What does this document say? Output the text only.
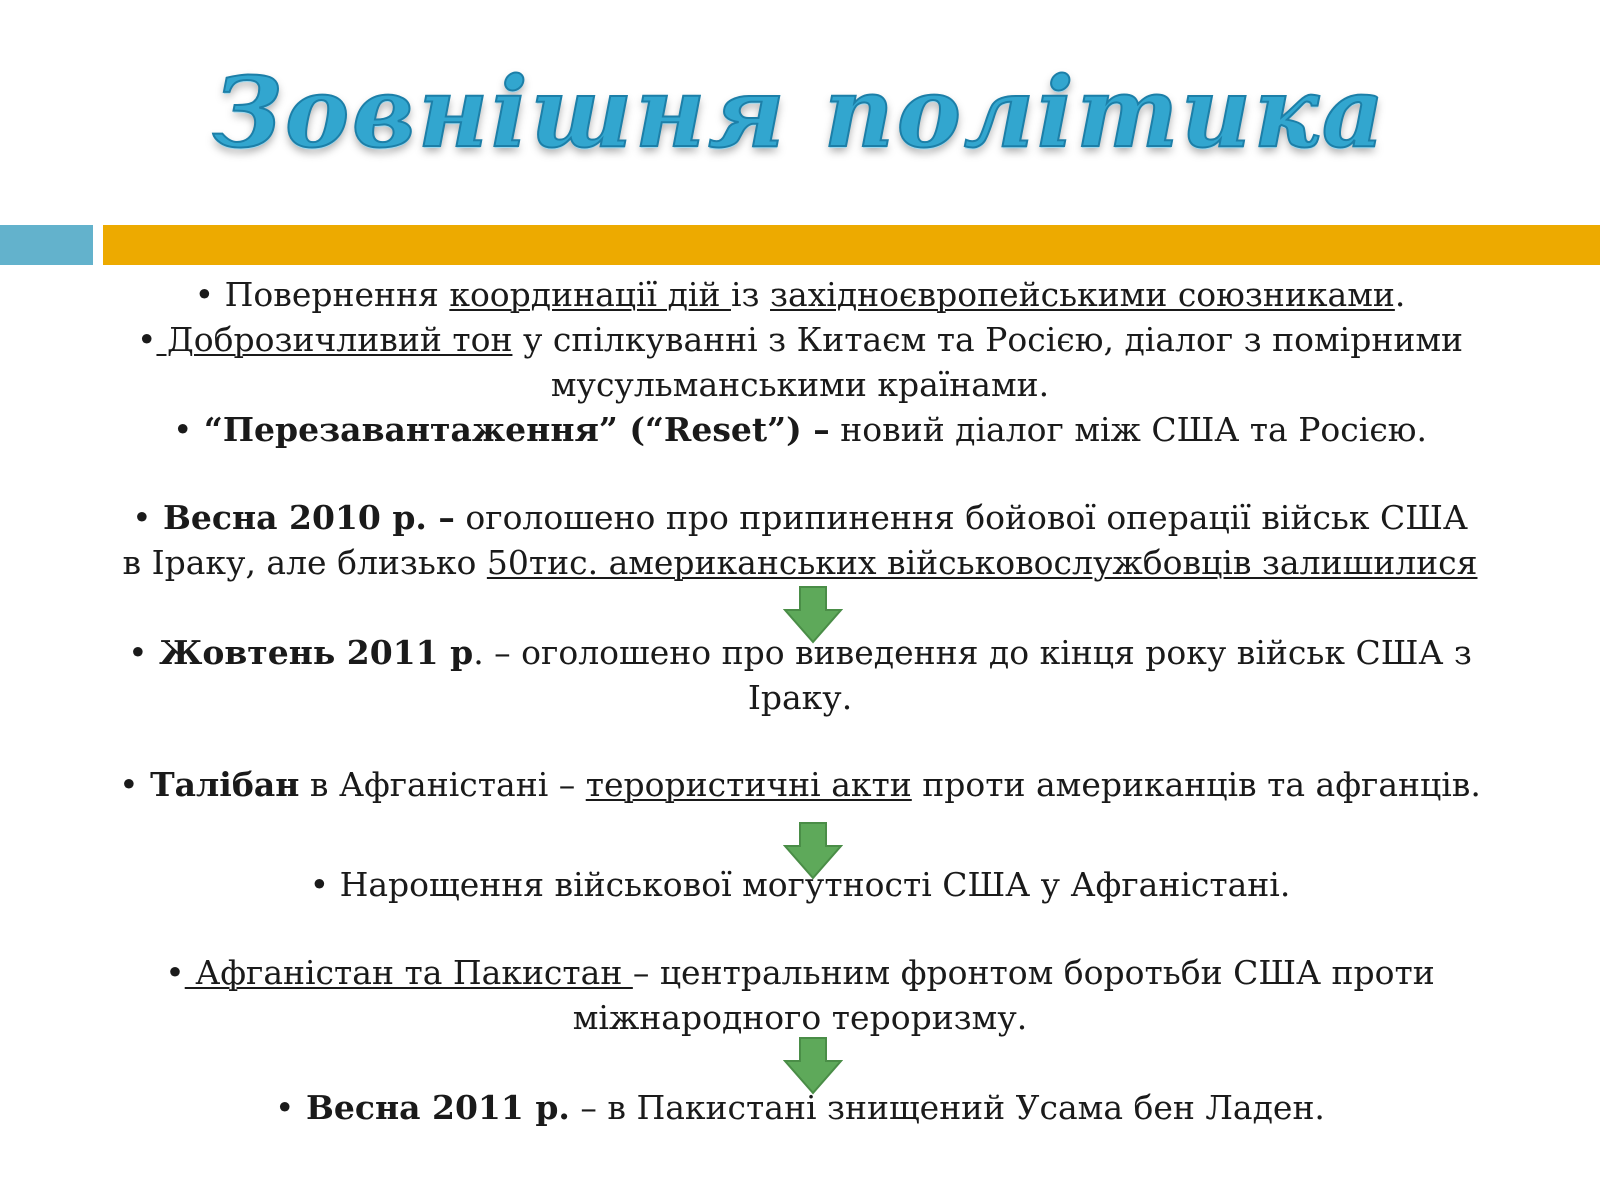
Зовнішня політика
• Повернення координації дій із західноєвропейськими союзниками.
• Доброзичливий тон у спілкуванні з Китаєм та Росією, діалог з помірними
мусульманськими країнами.
• “Перезавантаження” (“Reset”) – новий діалог між США та Росією.
• Весна 2010 р. – оголошено про припинення бойової операції військ США
в Іраку, але близько 50тис. американських військовослужбовців залишилися
• Жовтень 2011 р. – оголошено про виведення до кінця року військ США з
Іраку.
• Талібан в Афганістані – терористичні акти проти американців та афганців.
• Нарощення військової могутності США у Афганістані.
• Афганістан та Пакистан – центральним фронтом боротьби США проти
міжнародного тероризму.
• Весна 2011 р. – в Пакистані знищений Усама бен Ладен.
